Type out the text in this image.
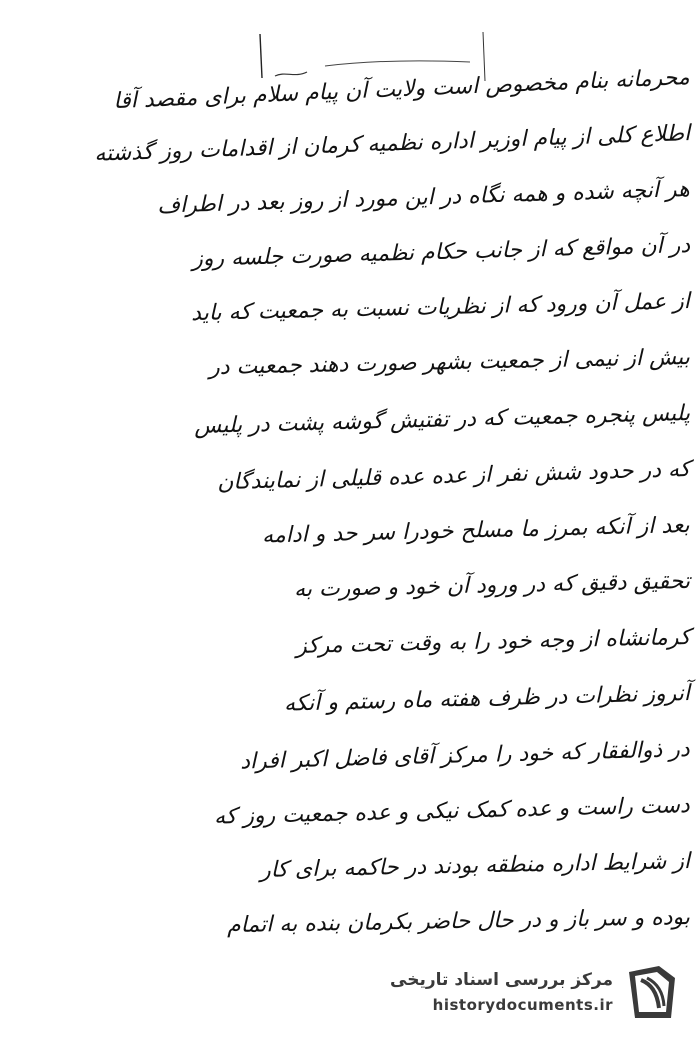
محرمانه بنام مخصوص است ولایت آن پیام سلام برای مقصد آقا
اطلاع کلی از پیام اوزیر اداره نظمیه کرمان از اقدامات روز گذشته
هر آنچه شده و همه نگاه در این مورد از روز بعد در اطراف
در آن مواقع که از جانب حکام نظمیه صورت جلسه روز
از عمل آن ورود که از نظریات نسبت به جمعیت که باید
بیش از نیمی از جمعیت بشهر صورت دهند جمعیت در
پلیس پنجره جمعیت که در تفتیش گوشه پشت در پلیس
که در حدود شش نفر از عده عده قلیلی از نمایندگان
بعد از آنکه بمرز ما مسلح خودرا سر حد و ادامه
تحقیق دقیق که در ورود آن خود و صورت به
کرمانشاه از وجه خود را به وقت تحت مرکز
آنروز نظرات در ظرف هفته ماه رستم و آنکه
در ذوالفقار که خود را مرکز آقای فاضل اکبر افراد
دست راست و عده کمک نیکی و عده جمعیت روز که
از شرایط اداره منطقه بودند در حاکمه برای کار
بوده و سر باز و در حال حاضر بکرمان بنده به اتمام
مرکز بررسی اسناد تاریخی
historydocuments.ir
